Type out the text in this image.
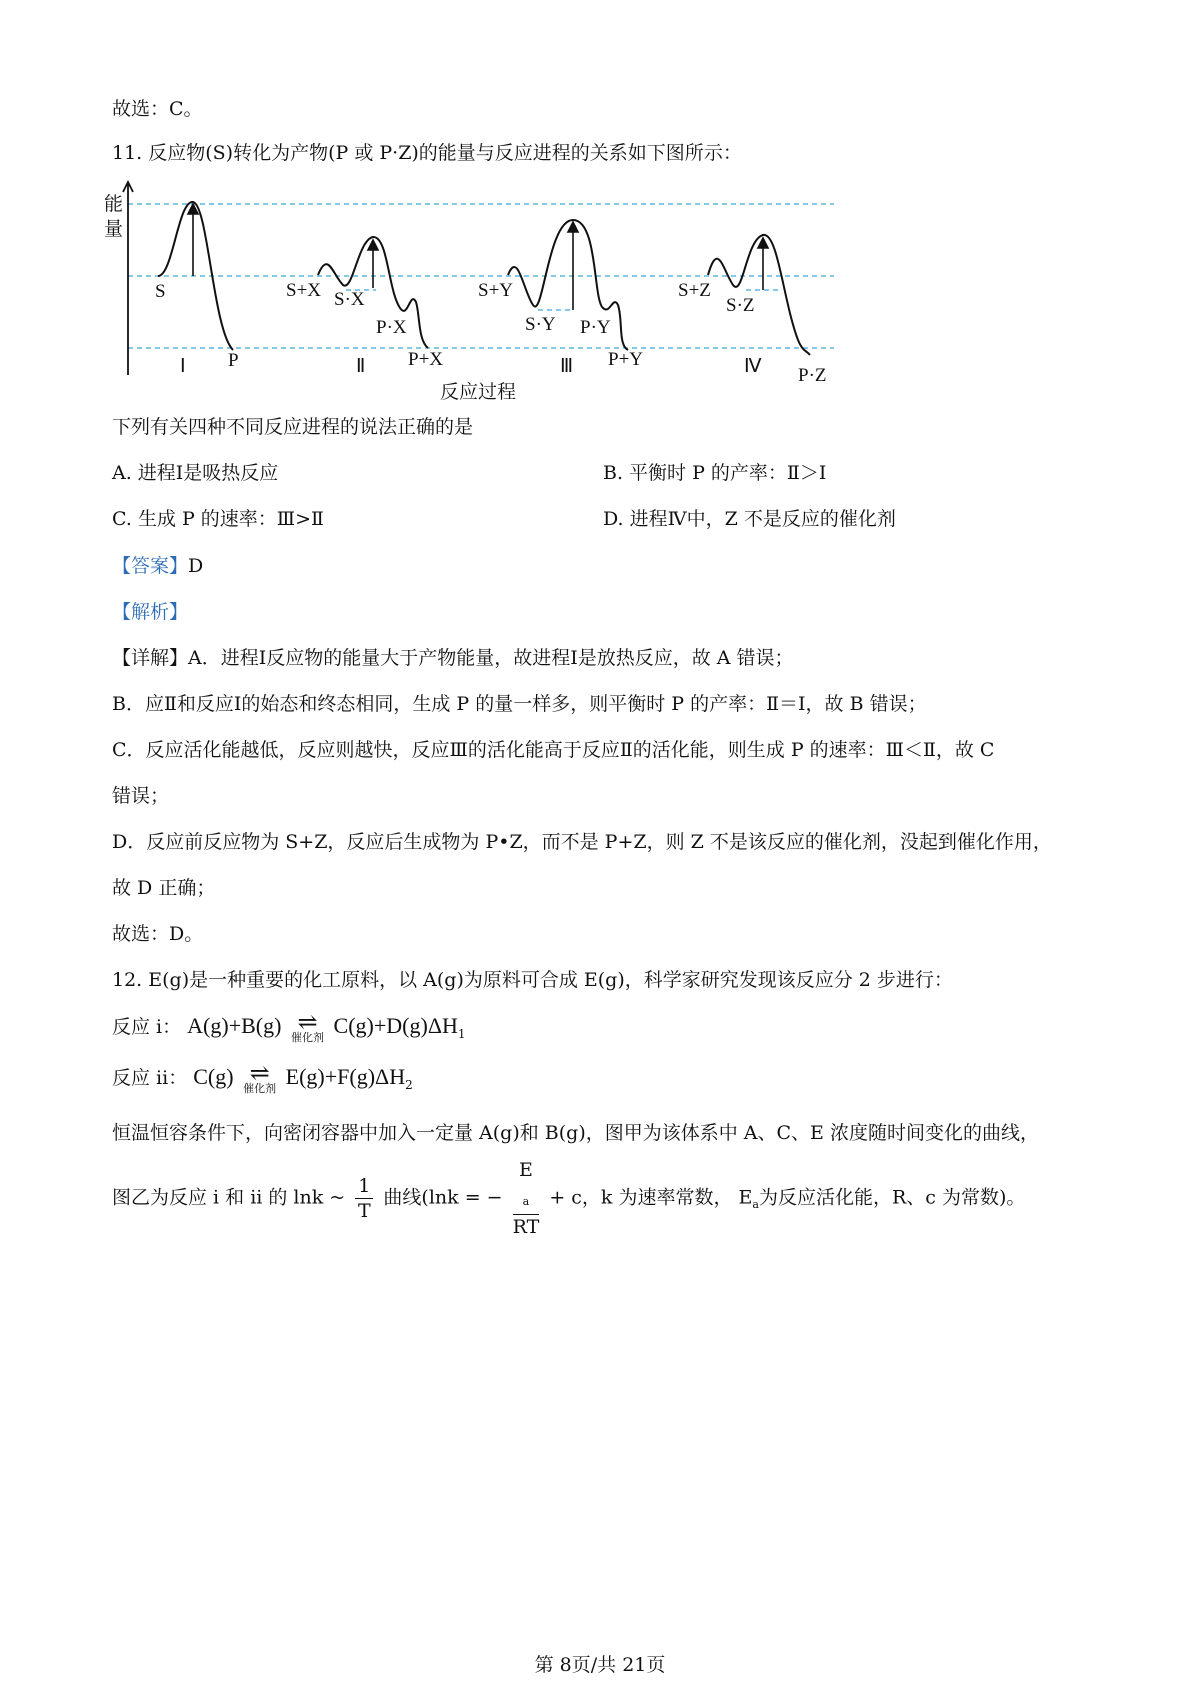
故选：C。
11. 反应物(S)转化为产物(P 或 P·Z)的能量与反应进程的关系如下图所示：
能
量
S
P
Ⅰ
S+X S·X
P·X
P+X
Ⅱ
S+Y
S·Y P·Y
P+Y
Ⅲ
S+Z
S·Z
P·Z
Ⅳ
反应过程
下列有关四种不同反应进程的说法正确的是
A. 进程Ⅰ是吸热反应	B. 平衡时 P 的产率：Ⅱ＞Ⅰ
C. 生成 P 的速率：Ⅲ>Ⅱ	D. 进程Ⅳ中，Z 不是反应的催化剂
【答案】D
【解析】
【详解】A．进程Ⅰ反应物的能量大于产物能量，故进程Ⅰ是放热反应，故 A 错误；
B．应Ⅱ和反应Ⅰ的始态和终态相同，生成 P 的量一样多，则平衡时 P 的产率：Ⅱ＝Ⅰ，故 B 错误；
C．反应活化能越低，反应则越快，反应Ⅲ的活化能高于反应Ⅱ的活化能，则生成 P 的速率：Ⅲ＜Ⅱ，故 C
错误；
D．反应前反应物为 S+Z，反应后生成物为 P•Z，而不是 P+Z，则 Z 不是该反应的催化剂，没起到催化作用，
故 D 正确；
故选：D。
12. E(g)是一种重要的化工原料，以 A(g)为原料可合成 E(g)，科学家研究发现该反应分 2 步进行：
反应 i： A(g)+B(g) ⇌
催化剂 $C(g)+D(g)\Delta H_1$
反应 ii： C(g) ⇌
催化剂 $E(g)+F(g)\Delta H_2$
恒温恒容条件下，向密闭容器中加入一定量 A(g)和 B(g)，图甲为该体系中 A、C、E 浓度随时间变化的曲线，
图乙为反应 i 和 ii 的 lnk ~ $\frac{1}{T}$ 曲线(lnk = − E
$_a$
RT + c，k 为速率常数， $E_a$为反应活化能，R、c 为常数)。
第 8页/共 21页
